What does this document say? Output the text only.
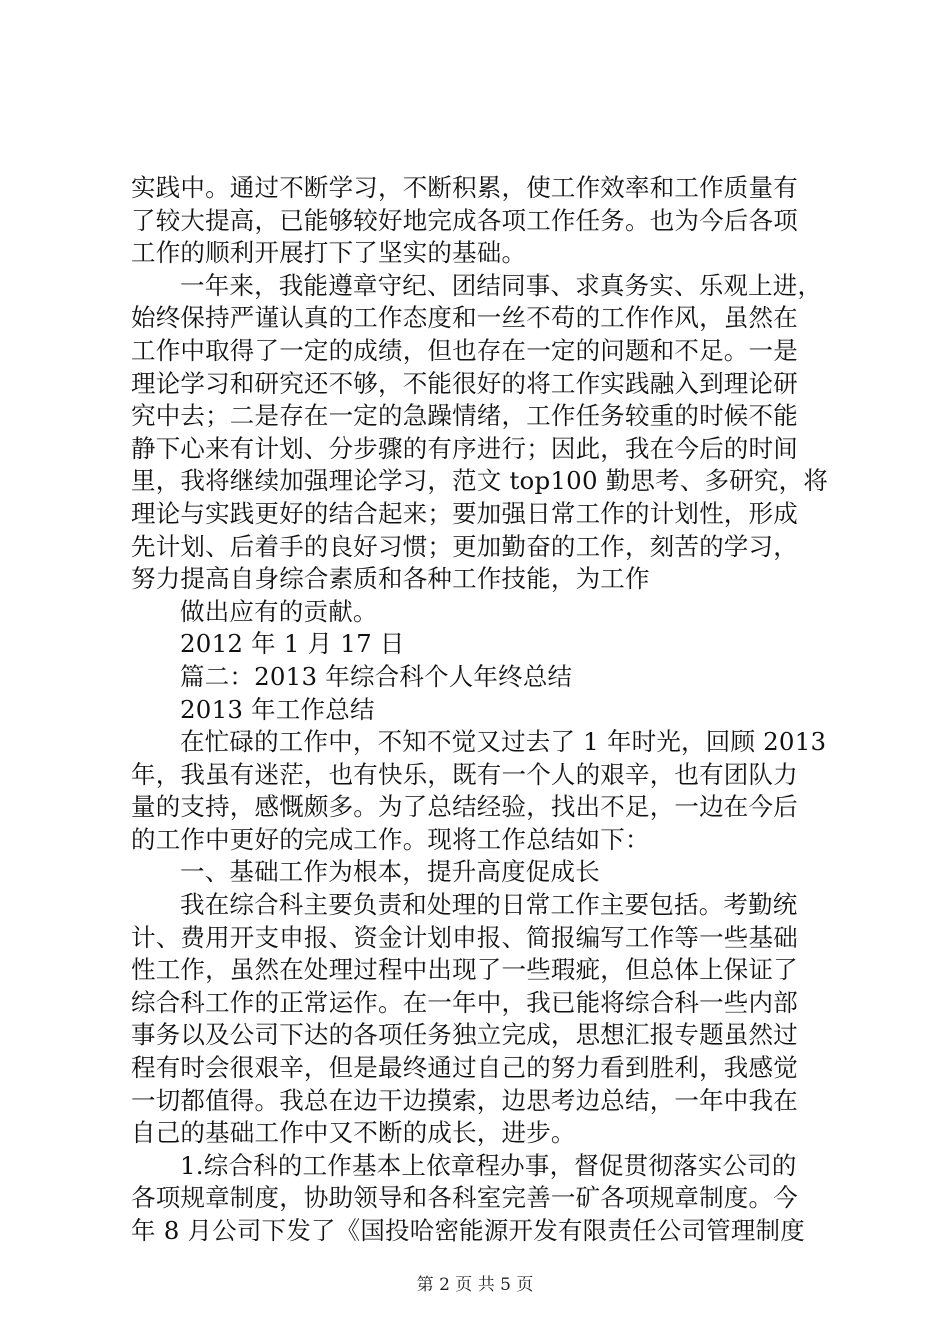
实践中。通过不断学习，不断积累，使工作效率和工作质量有
了较大提高，已能够较好地完成各项工作任务。也为今后各项
工作的顺利开展打下了坚实的基础。
一年来，我能遵章守纪、团结同事、求真务实、乐观上进，
始终保持严谨认真的工作态度和一丝不苟的工作作风，虽然在
工作中取得了一定的成绩，但也存在一定的问题和不足。一是
理论学习和研究还不够，不能很好的将工作实践融入到理论研
究中去；二是存在一定的急躁情绪，工作任务较重的时候不能
静下心来有计划、分步骤的有序进行；因此，我在今后的时间
里，我将继续加强理论学习，范文 top100 勤思考、多研究，将
理论与实践更好的结合起来；要加强日常工作的计划性，形成
先计划、后着手的良好习惯；更加勤奋的工作，刻苦的学习，
努力提高自身综合素质和各种工作技能，为工作
做出应有的贡献。
2012 年 1 月 17 日
篇二：2013 年综合科个人年终总结
2013 年工作总结
在忙碌的工作中，不知不觉又过去了 1 年时光，回顾 2013
年，我虽有迷茫，也有快乐，既有一个人的艰辛，也有团队力
量的支持，感慨颇多。为了总结经验，找出不足，一边在今后
的工作中更好的完成工作。现将工作总结如下：
一、基础工作为根本，提升高度促成长
我在综合科主要负责和处理的日常工作主要包括。考勤统
计、费用开支申报、资金计划申报、简报编写工作等一些基础
性工作，虽然在处理过程中出现了一些瑕疵，但总体上保证了
综合科工作的正常运作。在一年中，我已能将综合科一些内部
事务以及公司下达的各项任务独立完成，思想汇报专题虽然过
程有时会很艰辛，但是最终通过自己的努力看到胜利，我感觉
一切都值得。我总在边干边摸索，边思考边总结，一年中我在
自己的基础工作中又不断的成长，进步。
1.综合科的工作基本上依章程办事，督促贯彻落实公司的
各项规章制度，协助领导和各科室完善一矿各项规章制度。今
年 8 月公司下发了《国投哈密能源开发有限责任公司管理制度
第 2 页 共 5 页
